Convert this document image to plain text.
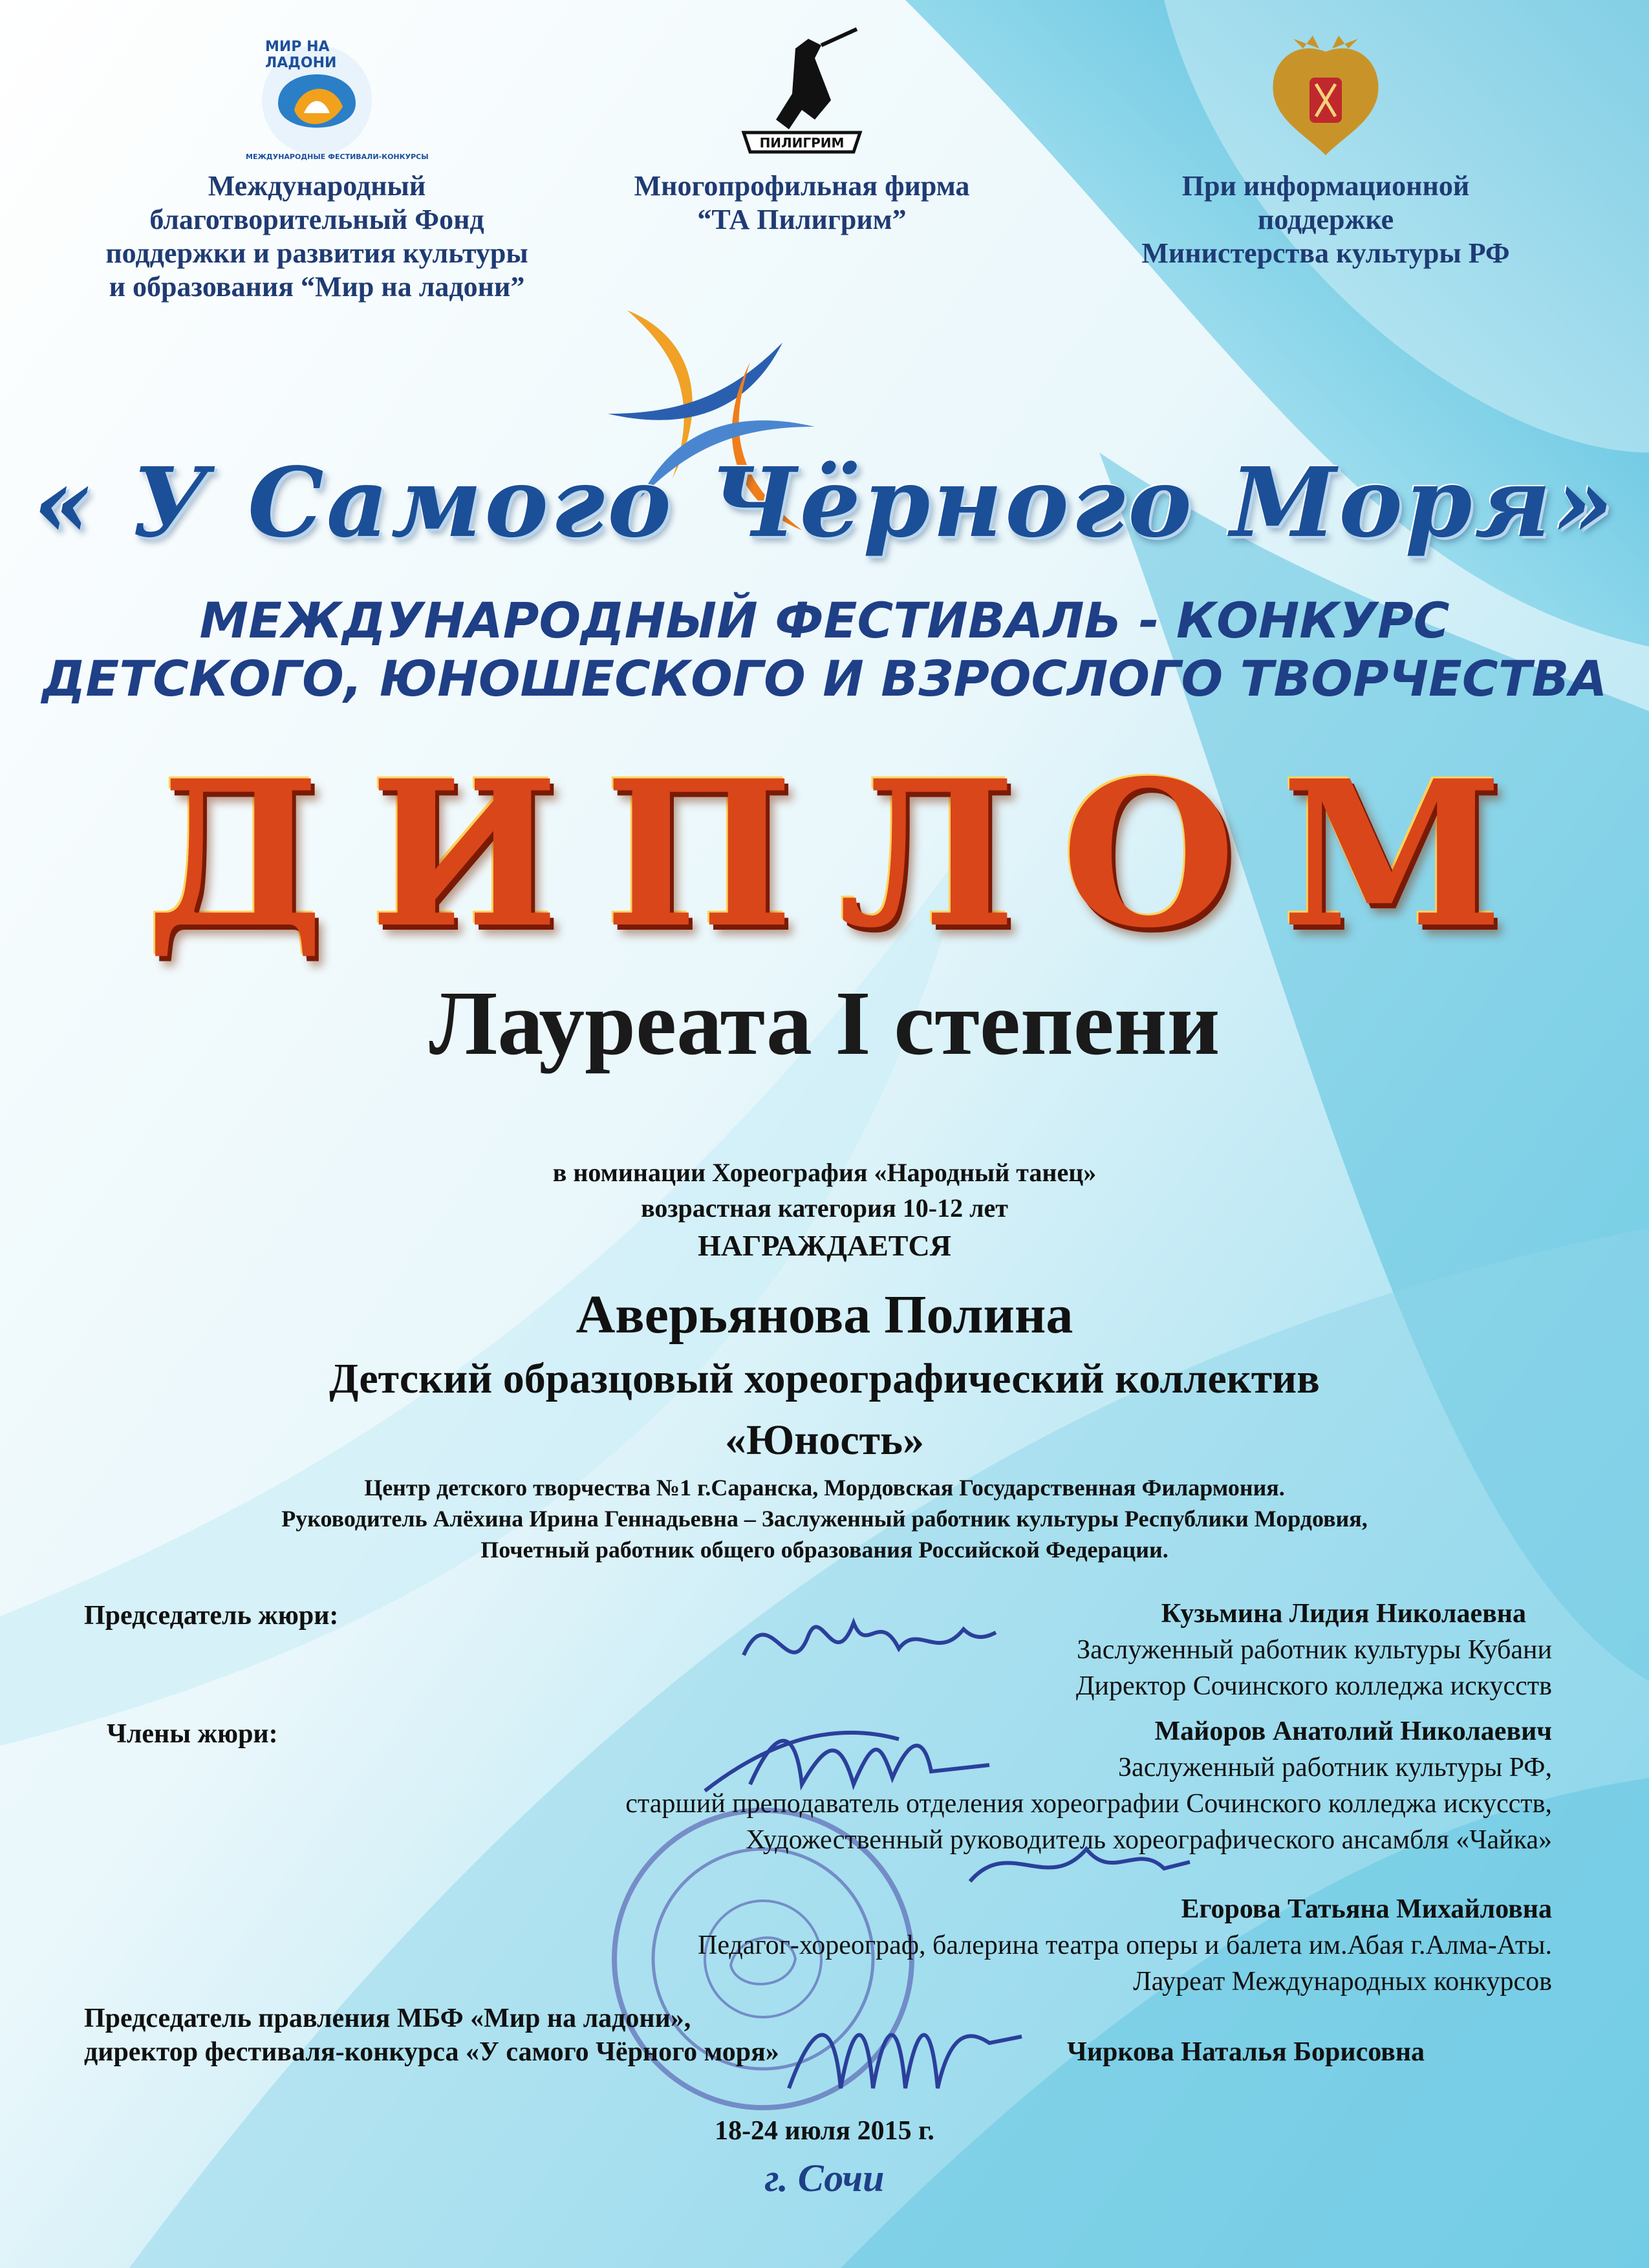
МИР НА ЛАДОНИ
МЕЖДУНАРОДНЫЕ ФЕСТИВАЛИ-КОНКУРСЫ
Международный
благотворительный Фонд
поддержки и развития культуры
и образования “Мир на ладони”
ПИЛИГРИМ
Многопрофильная фирма
“ТА Пилигрим”
При информационной
поддержке
Министерства культуры РФ
« У Самого Чёрного Моря»
МЕЖДУНАРОДНЫЙ ФЕСТИВАЛЬ - КОНКУРС
ДЕТСКОГО, ЮНОШЕСКОГО И ВЗРОСЛОГО ТВОРЧЕСТВА
ДИПЛОМ
Лауреата I степени
в номинации Хореография «Народный танец»
возрастная категория 10-12 лет
НАГРАЖДАЕТСЯ
Аверьянова Полина
Детский образцовый хореографический коллектив
«Юность»
Центр детского творчества №1 г.Саранска, Мордовская Государственная Филармония.
Руководитель Алёхина Ирина Геннадьевна – Заслуженный работник культуры Республики Мордовия,
Почетный работник общего образования Российской Федерации.
Председатель жюри:	Кузьмина Лидия Николаевна
Заслуженный работник культуры Кубани
Директор Сочинского колледжа искусств
Члены жюри:	Майоров Анатолий Николаевич
Заслуженный работник культуры РФ,
старший преподаватель отделения хореографии Сочинского колледжа искусств,
Художественный руководитель хореографического ансамбля «Чайка»
Егорова Татьяна Михайловна
Педагог-хореограф, балерина театра оперы и балета им.Абая г.Алма-Аты.
Лауреат Международных конкурсов
Председатель правления МБФ «Мир на ладони»,
директор фестиваля-конкурса «У самого Чёрного моря»	Чиркова Наталья Борисовна
18-24 июля 2015 г.
г. Сочи
